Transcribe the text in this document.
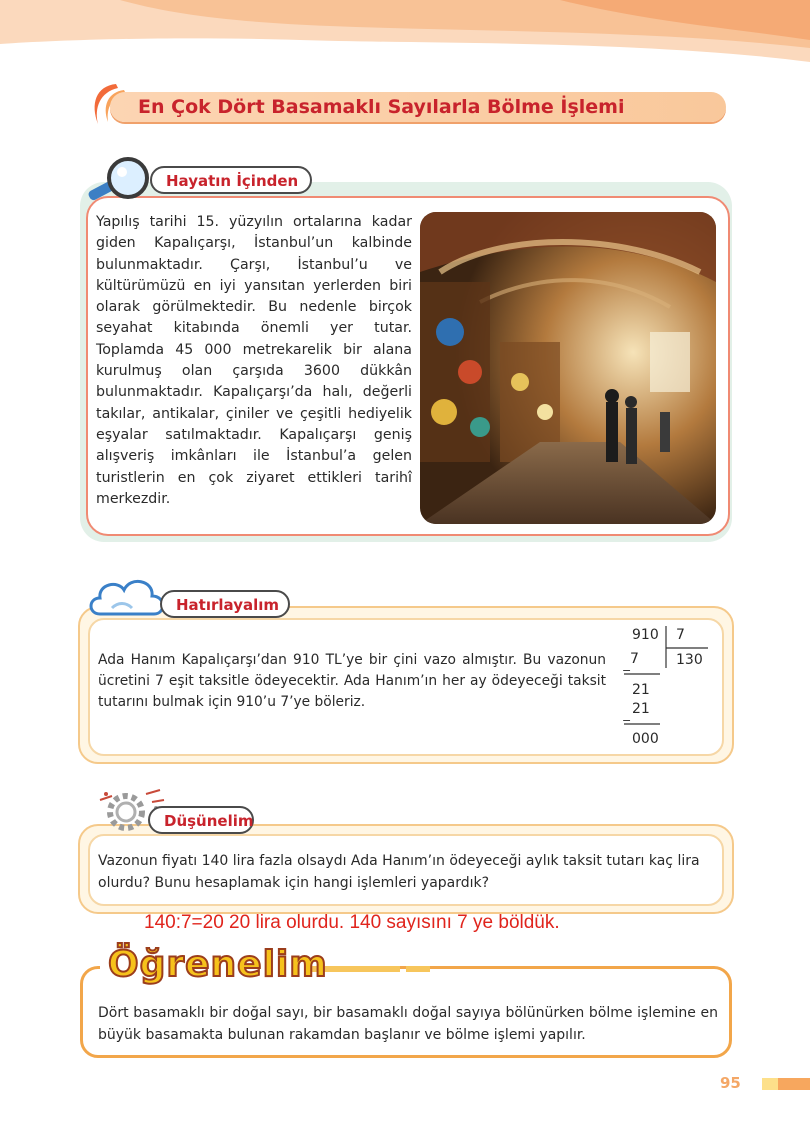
En Çok Dört Basamaklı Sayılarla Bölme İşlemi
Hayatın İçinden

Yapılış tarihi 15. yüzyılın ortalarına kadar giden Kapalıçarşı, İstanbul’un kalbinde bulunmaktadır. Çarşı, İstanbul’u ve kültürümüzü en iyi yansıtan yerlerden biri olarak görülmektedir. Bu nedenle birçok seyahat kitabında önemli yer tutar. Toplamda 45 000 metrekarelik bir alana kurulmuş olan çarşıda 3600 dükkân bulunmaktadır. Kapalıçarşı’da halı, değerli takılar, antikalar, çiniler ve çeşitli hediyelik eşyalar satılmaktadır. Kapalıçarşı geniş alışveriş imkânları ile İstanbul’a gelen turistlerin en çok ziyaret ettikleri tarihî merkezdir.

Hatırlayalım

Ada Hanım Kapalıçarşı’dan 910 TL’ye bir çini vazo almıştır. Bu vazonun ücretini 7 eşit taksitle ödeyecektir. Ada Hanım’ın her ay ödeyeceği taksit tutarını bulmak için 910’u 7’ye böleriz.

910 7
130
7
−
21
21
−
000
Düşünelim

Vazonun fiyatı 140 lira fazla olsaydı Ada Hanım’ın ödeyeceği aylık taksit tutarı kaç lira olurdu? Bunu hesaplamak için hangi işlemleri yapardık?

140:7=20 20 lira olurdu. 140 sayısını 7 ye böldük.
Öğrenelim

Dört basamaklı bir doğal sayı, bir basamaklı doğal sayıya bölünürken bölme işlemine en büyük basamakta bulunan rakamdan başlanır ve bölme işlemi yapılır.

95
